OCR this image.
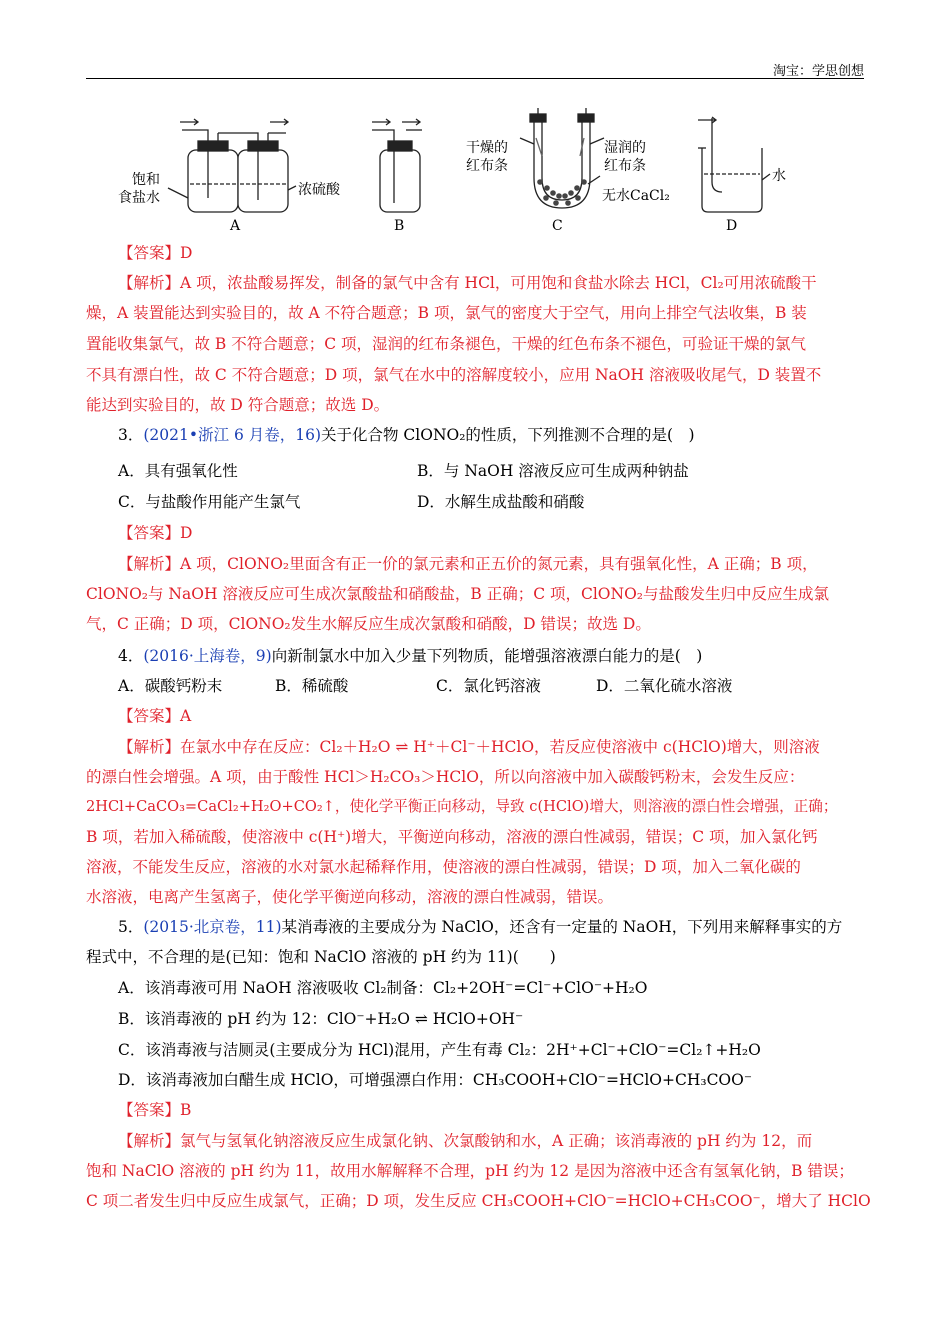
淘宝：学思创想
饱和
食盐水	浓硫酸
干燥的
红布条
湿润的
红布条
无水CaCl₂
水
A	B	C	D
【答案】D
【解析】A 项，浓盐酸易挥发，制备的氯气中含有 HCl，可用饱和食盐水除去 HCl，Cl₂可用浓硫酸干
燥，A 装置能达到实验目的，故 A 不符合题意；B 项，氯气的密度大于空气，用向上排空气法收集，B 装
置能收集氯气，故 B 不符合题意；C 项，湿润的红布条褪色，干燥的红色布条不褪色，可验证干燥的氯气
不具有漂白性，故 C 不符合题意；D 项，氯气在水中的溶解度较小，应用 NaOH 溶液吸收尾气，D 装置不
能达到实验目的，故 D 符合题意；故选 D。
3．(2021•浙江 6 月卷，16)关于化合物 ClONO₂的性质，下列推测不合理的是(　)
A．具有强氧化性	B．与 NaOH 溶液反应可生成两种钠盐
C．与盐酸作用能产生氯气	D．水解生成盐酸和硝酸
【答案】D
【解析】A 项，ClONO₂里面含有正一价的氯元素和正五价的氮元素，具有强氧化性，A 正确；B 项，
ClONO₂与 NaOH 溶液反应可生成次氯酸盐和硝酸盐，B 正确；C 项，ClONO₂与盐酸发生归中反应生成氯
气，C 正确；D 项，ClONO₂发生水解反应生成次氯酸和硝酸，D 错误；故选 D。
4．(2016·上海卷，9)向新制氯水中加入少量下列物质，能增强溶液漂白能力的是(　)
A．碳酸钙粉末	B．稀硫酸	C．氯化钙溶液	D．二氧化硫水溶液
【答案】A
【解析】在氯水中存在反应：Cl₂＋H₂O ⇌ H⁺＋Cl⁻＋HClO，若反应使溶液中 c(HClO)增大，则溶液
的漂白性会增强。A 项，由于酸性 HCl＞H₂CO₃＞HClO，所以向溶液中加入碳酸钙粉末，会发生反应：
2HCl+CaCO₃=CaCl₂+H₂O+CO₂↑，使化学平衡正向移动，导致 c(HClO)增大，则溶液的漂白性会增强，正确；
B 项，若加入稀硫酸，使溶液中 c(H⁺)增大，平衡逆向移动，溶液的漂白性减弱，错误；C 项，加入氯化钙
溶液，不能发生反应，溶液的水对氯水起稀释作用，使溶液的漂白性减弱，错误；D 项，加入二氧化碳的
水溶液，电离产生氢离子，使化学平衡逆向移动，溶液的漂白性减弱，错误。
5．(2015·北京卷，11)某消毒液的主要成分为 NaClO，还含有一定量的 NaOH，下列用来解释事实的方
程式中，不合理的是(已知：饱和 NaClO 溶液的 pH 约为 11)(　　)
A．该消毒液可用 NaOH 溶液吸收 Cl₂制备：Cl₂+2OH⁻=Cl⁻+ClO⁻+H₂O
B．该消毒液的 pH 约为 12：ClO⁻+H₂O ⇌ HClO+OH⁻
C．该消毒液与洁厕灵(主要成分为 HCl)混用，产生有毒 Cl₂：2H⁺+Cl⁻+ClO⁻=Cl₂↑+H₂O
D．该消毒液加白醋生成 HClO，可增强漂白作用：CH₃COOH+ClO⁻=HClO+CH₃COO⁻
【答案】B
【解析】氯气与氢氧化钠溶液反应生成氯化钠、次氯酸钠和水，A 正确；该消毒液的 pH 约为 12，而
饱和 NaClO 溶液的 pH 约为 11，故用水解解释不合理，pH 约为 12 是因为溶液中还含有氢氧化钠，B 错误；
C 项二者发生归中反应生成氯气，正确；D 项，发生反应 CH₃COOH+ClO⁻=HClO+CH₃COO⁻，增大了 HClO
